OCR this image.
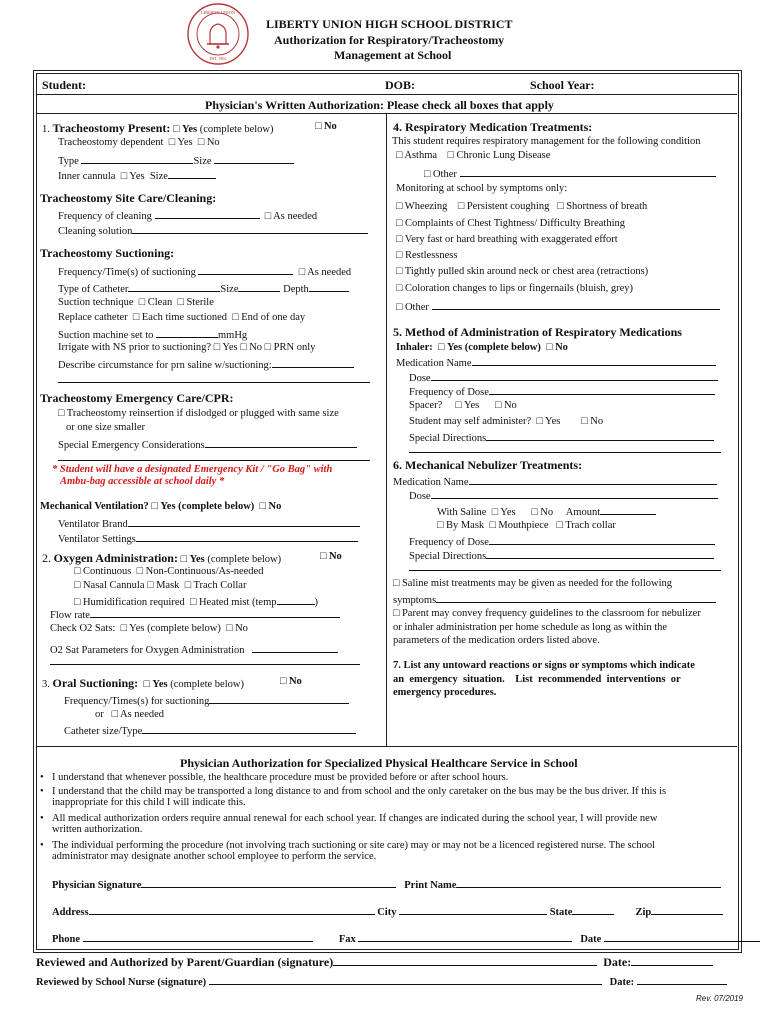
LIBERTY UNION
EST. 1902
LIBERTY UNION HIGH SCHOOL DISTRICT
Authorization for Respiratory/Tracheostomy
Management at School
Student:	DOB:	School Year:
Physician's Written Authorization: Please check all boxes that apply
1. Tracheostomy Present: □ Yes (complete below)	□ No
Tracheostomy dependent □ Yes □ No
Type	Size
Inner cannula □ Yes Size
Tracheostomy Site Care/Cleaning:
Frequency of cleaning	□ As needed
Cleaning solution
Tracheostomy Suctioning:
Frequency/Time(s) of suctioning	□ As needed
Type of Catheter	Size	Depth
Suction technique □ Clean □ Sterile
Replace catheter □ Each time suctioned □ End of one day
Suction machine set to	mmHg
Irrigate with NS prior to suctioning? □ Yes □ No □ PRN only
Describe circumstance for prn saline w/suctioning:
Tracheostomy Emergency Care/CPR:
□ Tracheostomy reinsertion if dislodged or plugged with same size
or one size smaller
Special Emergency Considerations
* Student will have a designated Emergency Kit / "Go Bag" with
Ambu-bag accessible at school daily *
Mechanical Ventilation? □ Yes (complete below) □ No
Ventilator Brand
Ventilator Settings
2. Oxygen Administration: □ Yes (complete below)	□ No
□ Continuous □ Non-Continuous/As-needed
□ Nasal Cannula □ Mask □ Trach Collar
□ Humidification required □ Heated mist (temp	)
Flow rate
Check O2 Sats: □ Yes (complete below) □ No
O2 Sat Parameters for Oxygen Administration
3. Oral Suctioning: □ Yes (complete below)	□ No
Frequency/Times(s) for suctioning
or □ As needed
Catheter size/Type
4. Respiratory Medication Treatments:
This student requires respiratory management for the following condition
□ Asthma □ Chronic Lung Disease
□ Other
Monitoring at school by symptoms only:
□ Wheezing □ Persistent coughing □ Shortness of breath
□ Complaints of Chest Tightness/ Difficulty Breathing
□ Very fast or hard breathing with exaggerated effort
□ Restlessness
□ Tightly pulled skin around neck or chest area (retractions)
□ Coloration changes to lips or fingernails (bluish, grey)
□ Other
5. Method of Administration of Respiratory Medications
Inhaler: □ Yes (complete below) □ No
Medication Name
Dose
Frequency of Dose
Spacer? □ Yes □ No
Student may self administer? □ Yes □ No
Special Directions
6. Mechanical Nebulizer Treatments:
Medication Name
Dose
With Saline □ Yes □ No Amount
□ By Mask □ Mouthpiece □ Trach collar
Frequency of Dose
Special Directions
□ Saline mist treatments may be given as needed for the following
symptoms
□ Parent may convey frequency guidelines to the classroom for nebulizer
or inhaler administration per home schedule as long as within the
parameters of the medication orders listed above.
7. List any untoward reactions or signs or symptoms which indicate
an  emergency  situation.    List  recommended  interventions  or
emergency procedures.
Physician Authorization for Specialized Physical Healthcare Service in School
• I understand that whenever possible, the healthcare procedure must be provided before or after school hours.
• I understand that the child may be transported a long distance to and from school and the only caretaker on the bus may be the bus driver. If this is
inappropriate for this child I will indicate this.
• All medical authorization orders require annual renewal for each school year. If changes are indicated during the school year, I will provide new
written authorization.
• The individual performing the procedure (not involving trach suctioning or site care) may or may not be a licenced registered nurse. The school
administrator may designate another school employee to perform the service.
Physician Signature	Print Name
Address	City	State	Zip
Phone	Fax	Date
Reviewed and Authorized by Parent/Guardian (signature)	Date:
Reviewed by School Nurse (signature)	Date:
Rev. 07/2019
